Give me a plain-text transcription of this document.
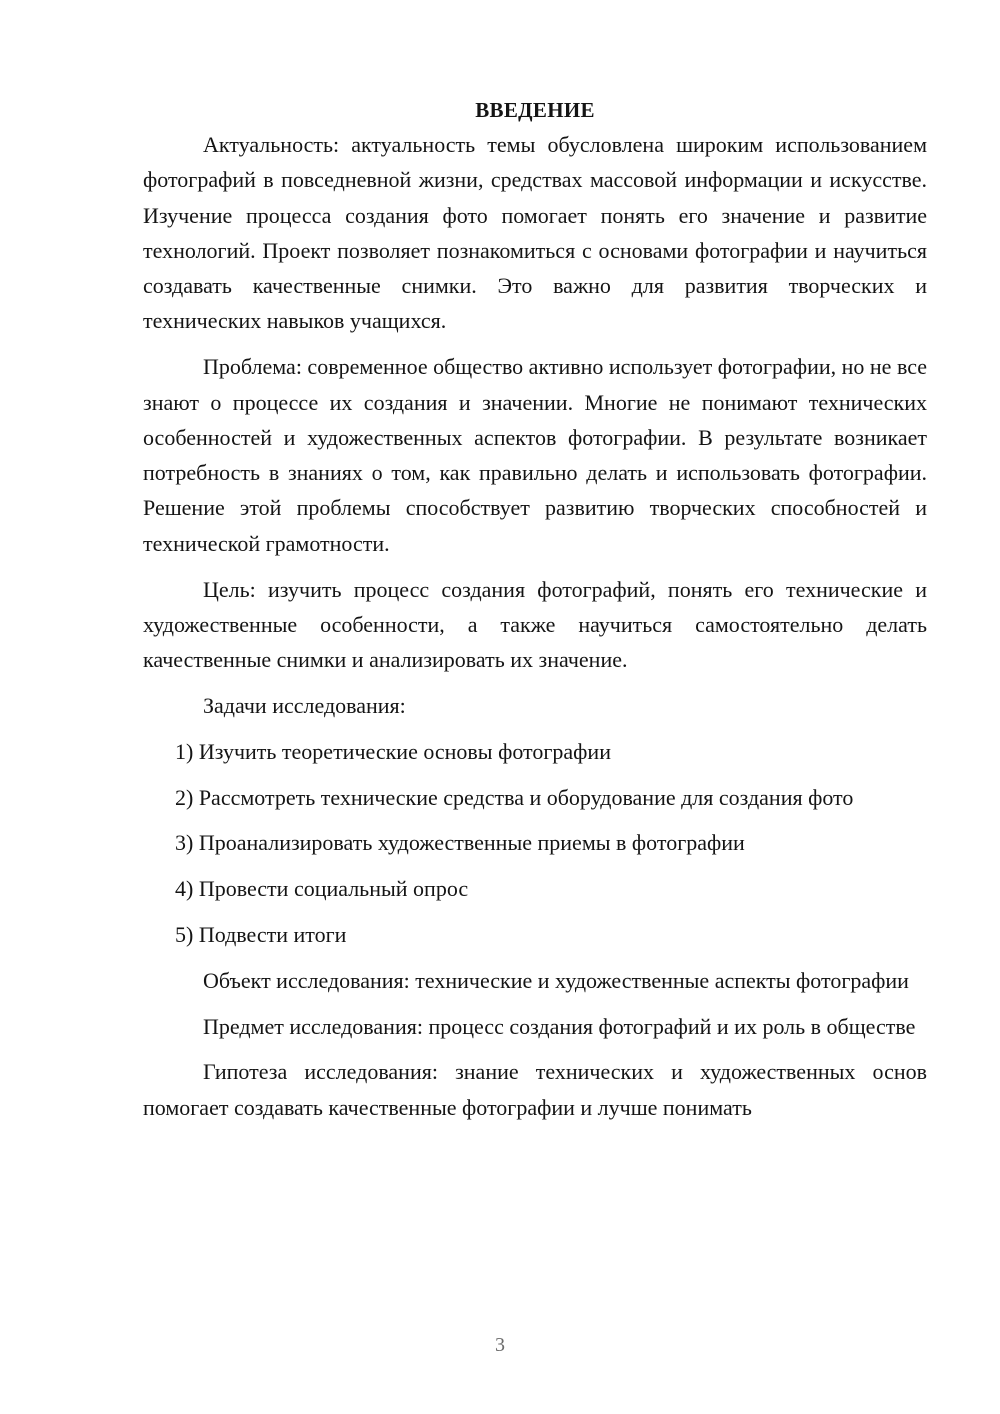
ВВЕДЕНИЕ

Актуальность: актуальность темы обусловлена широким использованием фотографий в повседневной жизни, средствах массовой информации и искусстве. Изучение процесса создания фото помогает понять его значение и развитие технологий. Проект позволяет познакомиться с основами фотографии и научиться создавать качественные снимки. Это важно для развития творческих и технических навыков учащихся.

Проблема: современное общество активно использует фотографии, но не все знают о процессе их создания и значении. Многие не понимают технических особенностей и художественных аспектов фотографии. В результате возникает потребность в знаниях о том, как правильно делать и использовать фотографии. Решение этой проблемы способствует развитию творческих способностей и технической грамотности.

Цель: изучить процесс создания фотографий, понять его технические и художественные особенности, а также научиться самостоятельно делать качественные снимки и анализировать их значение.

Задачи исследования:

1) Изучить теоретические основы фотографии

2) Рассмотреть технические средства и оборудование для создания фото

3) Проанализировать художественные приемы в фотографии

4) Провести социальный опрос

5) Подвести итоги

Объект исследования: технические и художественные аспекты фотографии

Предмет исследования: процесс создания фотографий и их роль в обществе

Гипотеза исследования: знание технических и художественных основ помогает создавать качественные фотографии и лучше понимать

3
